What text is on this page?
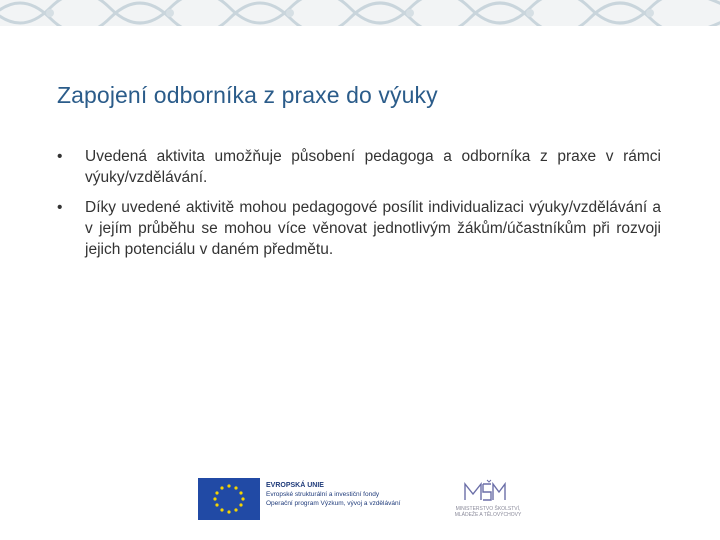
Zapojení odborníka z praxe do výuky
• Uvedená aktivita umožňuje působení pedagoga a odborníka z praxe v rámci výuky/vzdělávání.
• Díky uvedené aktivitě mohou pedagogové posílit individualizaci výuky/vzdělávání a v jejím průběhu se mohou více věnovat jednotlivým žákům/účastníkům při rozvoji jejich potenciálu v daném předmětu.
EVROPSKÁ UNIE
Evropské strukturální a investiční fondy
Operační program Výzkum, vývoj a vzdělávání
MINISTERSTVO ŠKOLSTVÍ,
MLÁDEŽE A TĚLOVÝCHOVY
